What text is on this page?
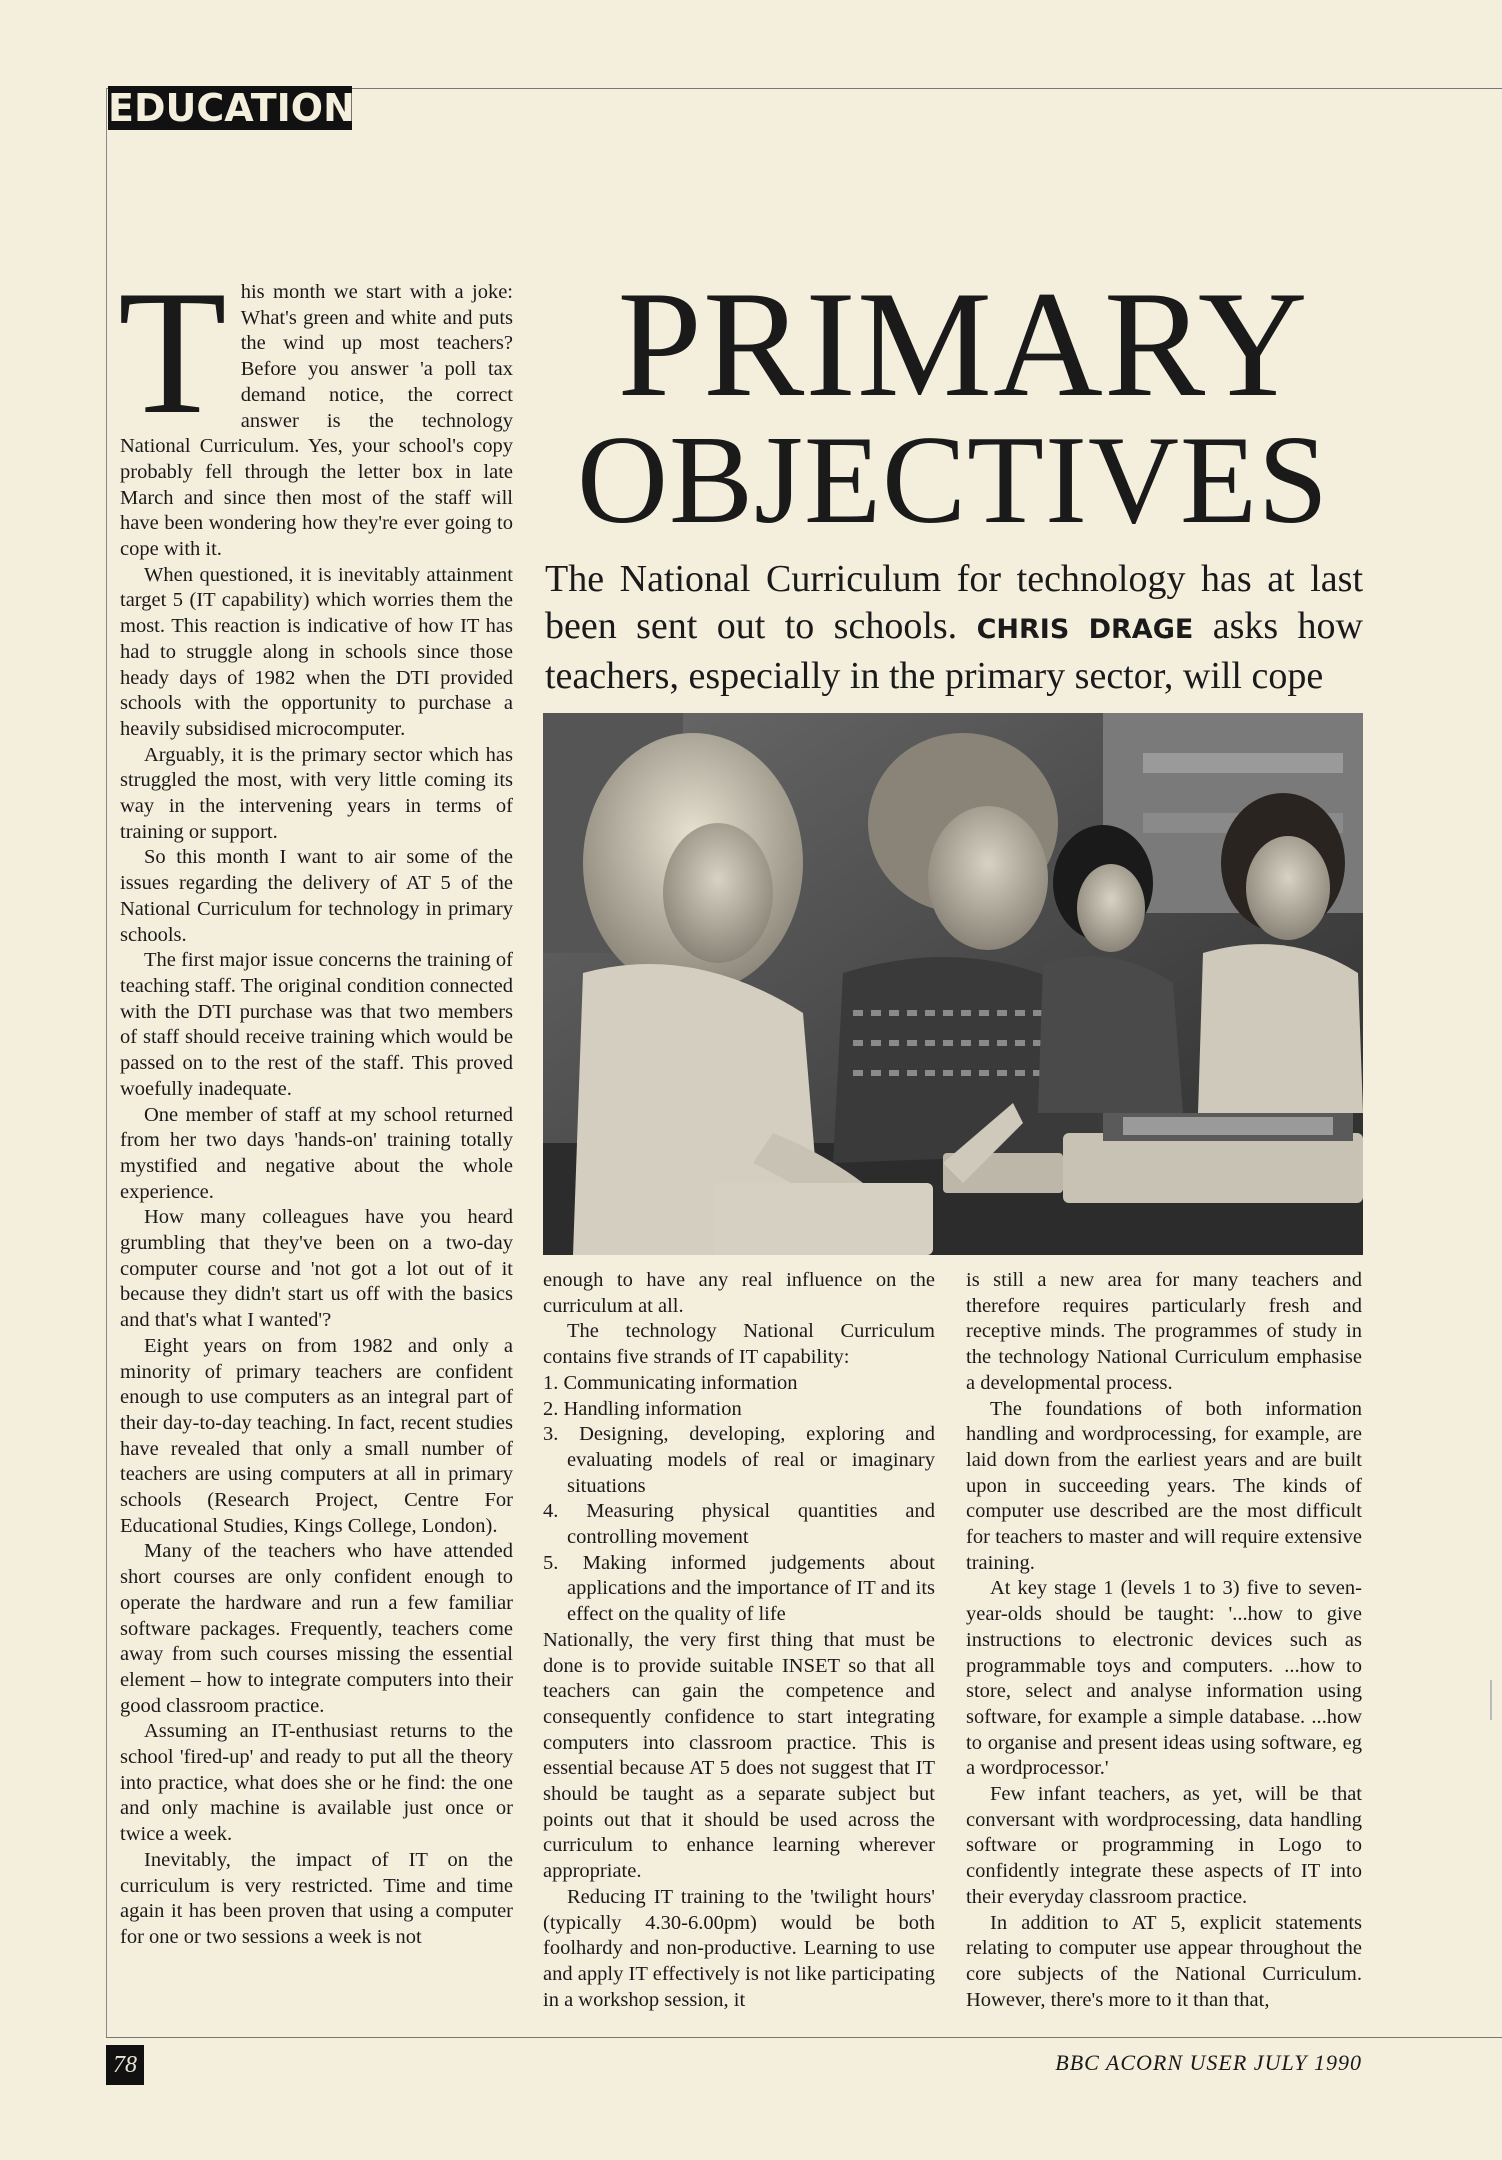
EDUCATION
PRIMARY
OBJECTIVES
The National Curriculum for technology has at last been sent out to schools. CHRIS DRAGE asks how teachers, especially in the primary sector, will cope
T his month we start with a joke: What's green and white and puts the wind up most teachers? Before you answer 'a poll tax demand notice, the correct answer is the technology National Curriculum. Yes, your school's copy probably fell through the letter box in late March and since then most of the staff will have been wondering how they're ever going to cope with it.

When questioned, it is inevitably attainment target 5 (IT capability) which worries them the most. This reaction is indicative of how IT has had to struggle along in schools since those heady days of 1982 when the DTI provided schools with the opportunity to purchase a heavily subsidised microcomputer.

Arguably, it is the primary sector which has struggled the most, with very little coming its way in the intervening years in terms of training or support.

So this month I want to air some of the issues regarding the delivery of AT 5 of the National Curriculum for technology in primary schools.

The first major issue concerns the training of teaching staff. The original condition connected with the DTI purchase was that two members of staff should receive training which would be passed on to the rest of the staff. This proved woefully inadequate.

One member of staff at my school returned from her two days 'hands-on' training totally mystified and negative about the whole experience.

How many colleagues have you heard grumbling that they've been on a two-day computer course and 'not got a lot out of it because they didn't start us off with the basics and that's what I wanted'?

Eight years on from 1982 and only a minority of primary teachers are confident enough to use computers as an integral part of their day-to-day teaching. In fact, recent studies have revealed that only a small number of teachers are using computers at all in primary schools (Research Project, Centre For Educational Studies, Kings College, London).

Many of the teachers who have attended short courses are only confident enough to operate the hardware and run a few familiar software packages. Frequently, teachers come away from such courses missing the essential element – how to integrate computers into their good classroom practice.

Assuming an IT-enthusiast returns to the school 'fired-up' and ready to put all the theory into practice, what does she or he find: the one and only machine is available just once or twice a week.

Inevitably, the impact of IT on the curriculum is very restricted. Time and time again it has been proven that using a computer for one or two sessions a week is not

enough to have any real influence on the curriculum at all.

The technology National Curriculum contains five strands of IT capability:

1. Communicating information
2. Handling information
3. Designing, developing, exploring and evaluating models of real or imaginary situations
4. Measuring physical quantities and controlling movement
5. Making informed judgements about applications and the importance of IT and its effect on the quality of life

Nationally, the very first thing that must be done is to provide suitable INSET so that all teachers can gain the competence and consequently confidence to start integrating computers into classroom practice. This is essential because AT 5 does not suggest that IT should be taught as a separate subject but points out that it should be used across the curriculum to enhance learning wherever appropriate.

Reducing IT training to the 'twilight hours' (typically 4.30-6.00pm) would be both foolhardy and non-productive. Learning to use and apply IT effectively is not like participating in a workshop session, it

is still a new area for many teachers and therefore requires particularly fresh and receptive minds. The programmes of study in the technology National Curriculum emphasise a developmental process.

The foundations of both information handling and wordprocessing, for example, are laid down from the earliest years and are built upon in succeeding years. The kinds of computer use described are the most difficult for teachers to master and will require extensive training.

At key stage 1 (levels 1 to 3) five to seven-year-olds should be taught: '...how to give instructions to electronic devices such as programmable toys and computers. ...how to store, select and analyse information using software, for example a simple database. ...how to organise and present ideas using software, eg a wordprocessor.'

Few infant teachers, as yet, will be that conversant with wordprocessing, data handling software or programming in Logo to confidently integrate these aspects of IT into their everyday classroom practice.

In addition to AT 5, explicit statements relating to computer use appear throughout the core subjects of the National Curriculum. However, there's more to it than that,

78	BBC ACORN USER JULY 1990
